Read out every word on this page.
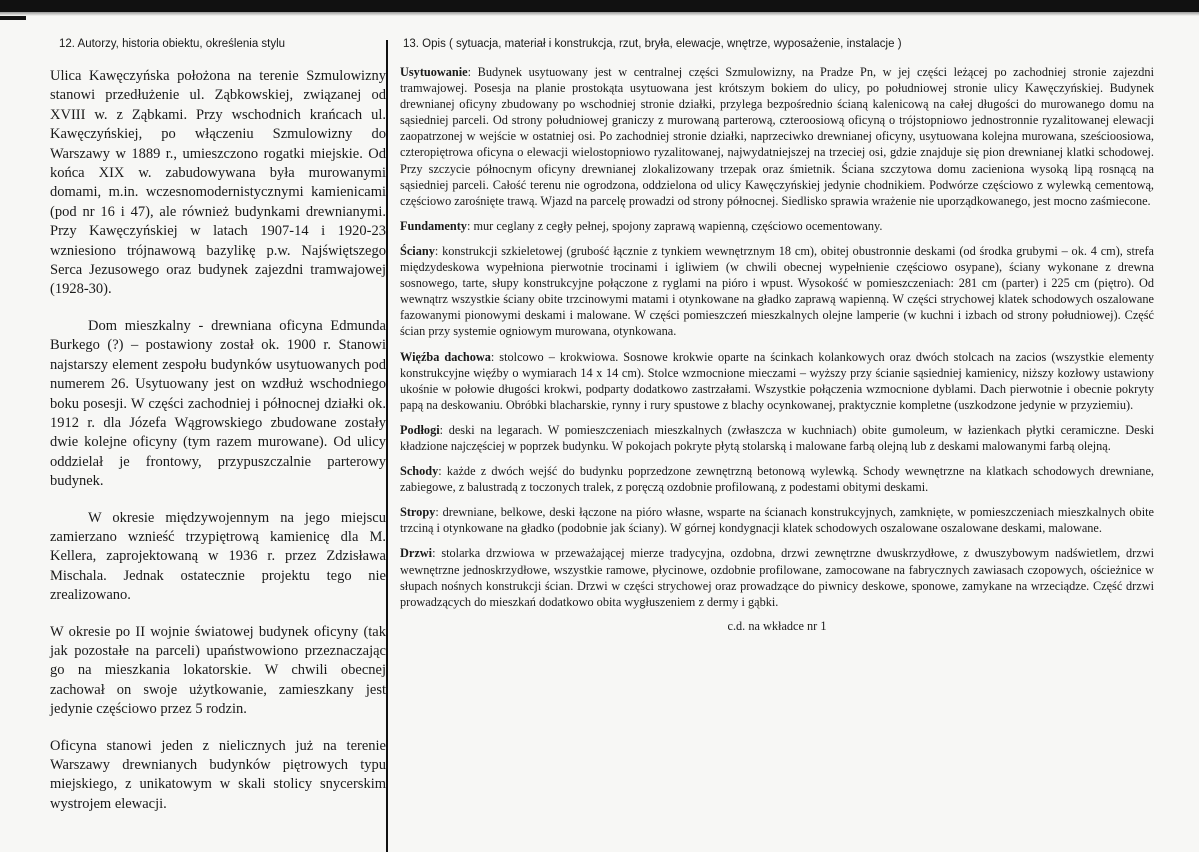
12. Autorzy, historia obiektu, określenia stylu

Ulica Kawęczyńska położona na terenie Szmulowizny stanowi przedłużenie ul. Ząbkowskiej, związanej od XVIII w. z Ząbkami. Przy wschodnich krańcach ul. Kawęczyńskiej, po włączeniu Szmulowizny do Warszawy w 1889 r., umieszczono rogatki miejskie. Od końca XIX w. zabudowywana była murowanymi domami, m.in. wczesnomodernistycznymi kamienicami (pod nr 16 i 47), ale również budynkami drewnianymi. Przy Kawęczyńskiej w latach 1907-14 i 1920-23 wzniesiono trójnawową bazylikę p.w. Najświętszego Serca Jezusowego oraz budynek zajezdni tramwajowej (1928-30).

Dom mieszkalny - drewniana oficyna Edmunda Burkego (?) – postawiony został ok. 1900 r. Stanowi najstarszy element zespołu budynków usytuowanych pod numerem 26. Usytuowany jest on wzdłuż wschodniego boku posesji. W części zachodniej i północnej działki ok. 1912 r. dla Józefa Wągrowskiego zbudowane zostały dwie kolejne oficyny (tym razem murowane). Od ulicy oddzielał je frontowy, przypuszczalnie parterowy budynek.

W okresie międzywojennym na jego miejscu zamierzano wznieść trzypiętrową kamienicę dla M. Kellera, zaprojektowaną w 1936 r. przez Zdzisława Mischala. Jednak ostatecznie projektu tego nie zrealizowano.

W okresie po II wojnie światowej budynek oficyny (tak jak pozostałe na parceli) upaństwowiono przeznaczając go na mieszkania lokatorskie. W chwili obecnej zachował on swoje użytkowanie, zamieszkany jest jedynie częściowo przez 5 rodzin.

Oficyna stanowi jeden z nielicznych już na terenie Warszawy drewnianych budynków piętrowych typu miejskiego, z unikatowym w skali stolicy snycerskim wystrojem elewacji.

13. Opis ( sytuacja, materiał i konstrukcja, rzut, bryła, elewacje, wnętrze, wyposażenie, instalacje )

Usytuowanie: Budynek usytuowany jest w centralnej części Szmulowizny, na Pradze Pn, w jej części leżącej po zachodniej stronie zajezdni tramwajowej. Posesja na planie prostokąta usytuowana jest krótszym bokiem do ulicy, po południowej stronie ulicy Kawęczyńskiej. Budynek drewnianej oficyny zbudowany po wschodniej stronie działki, przylega bezpośrednio ścianą kalenicową na całej długości do murowanego domu na sąsiedniej parceli. Od strony południowej graniczy z murowaną parterową, czteroosiową oficyną o trójstopniowo jednostronnie ryzalitowanej elewacji zaopatrzonej w wejście w ostatniej osi. Po zachodniej stronie działki, naprzeciwko drewnianej oficyny, usytuowana kolejna murowana, sześcioosiowa, czteropiętrowa oficyna o elewacji wielostopniowo ryzalitowanej, najwydatniejszej na trzeciej osi, gdzie znajduje się pion drewnianej klatki schodowej. Przy szczycie północnym oficyny drewnianej zlokalizowany trzepak oraz śmietnik. Ściana szczytowa domu zacieniona wysoką lipą rosnącą na sąsiedniej parceli. Całość terenu nie ogrodzona, oddzielona od ulicy Kawęczyńskiej jedynie chodnikiem. Podwórze częściowo z wylewką cementową, częściowo zarośnięte trawą. Wjazd na parcelę prowadzi od strony północnej. Siedlisko sprawia wrażenie nie uporządkowanego, jest mocno zaśmiecone.

Fundamenty: mur ceglany z cegły pełnej, spojony zaprawą wapienną, częściowo ocementowany.

Ściany: konstrukcji szkieletowej (grubość łącznie z tynkiem wewnętrznym 18 cm), obitej obustronnie deskami (od środka grubymi – ok. 4 cm), strefa międzydeskowa wypełniona pierwotnie trocinami i igliwiem (w chwili obecnej wypełnienie częściowo osypane), ściany wykonane z drewna sosnowego, tarte, słupy konstrukcyjne połączone z ryglami na pióro i wpust. Wysokość w pomieszczeniach: 281 cm (parter) i 225 cm (piętro). Od wewnątrz wszystkie ściany obite trzcinowymi matami i otynkowane na gładko zaprawą wapienną. W części strychowej klatek schodowych oszalowane fazowanymi pionowymi deskami i malowane. W części pomieszczeń mieszkalnych olejne lamperie (w kuchni i izbach od strony południowej). Część ścian przy systemie ogniowym murowana, otynkowana.

Więźba dachowa: stolcowo – krokwiowa. Sosnowe krokwie oparte na ścinkach kolankowych oraz dwóch stolcach na zacios (wszystkie elementy konstrukcyjne więźby o wymiarach 14 x 14 cm). Stolce wzmocnione mieczami – wyższy przy ścianie sąsiedniej kamienicy, niższy kozłowy ustawiony ukośnie w połowie długości krokwi, podparty dodatkowo zastrzałami. Wszystkie połączenia wzmocnione dyblami. Dach pierwotnie i obecnie pokryty papą na deskowaniu. Obróbki blacharskie, rynny i rury spustowe z blachy ocynkowanej, praktycznie kompletne (uszkodzone jedynie w przyziemiu).

Podłogi: deski na legarach. W pomieszczeniach mieszkalnych (zwłaszcza w kuchniach) obite gumoleum, w łazienkach płytki ceramiczne. Deski kładzione najczęściej w poprzek budynku. W pokojach pokryte płytą stolarską i malowane farbą olejną lub z deskami malowanymi farbą olejną.

Schody: każde z dwóch wejść do budynku poprzedzone zewnętrzną betonową wylewką. Schody wewnętrzne na klatkach schodowych drewniane, zabiegowe, z balustradą z toczonych tralek, z poręczą ozdobnie profilowaną, z podestami obitymi deskami.

Stropy: drewniane, belkowe, deski łączone na pióro własne, wsparte na ścianach konstrukcyjnych, zamknięte, w pomieszczeniach mieszkalnych obite trzciną i otynkowane na gładko (podobnie jak ściany). W górnej kondygnacji klatek schodowych oszalowane oszalowane deskami, malowane.

Drzwi: stolarka drzwiowa w przeważającej mierze tradycyjna, ozdobna, drzwi zewnętrzne dwuskrzydłowe, z dwuszybowym nadświetlem, drzwi wewnętrzne jednoskrzydłowe, wszystkie ramowe, płycinowe, ozdobnie profilowane, zamocowane na fabrycznych zawiasach czopowych, ościeżnice w słupach nośnych konstrukcji ścian. Drzwi w części strychowej oraz prowadzące do piwnicy deskowe, sponowe, zamykane na wrzeciądze. Część drzwi prowadzących do mieszkań dodatkowo obita wygłuszeniem z dermy i gąbki.

c.d. na wkładce nr 1
